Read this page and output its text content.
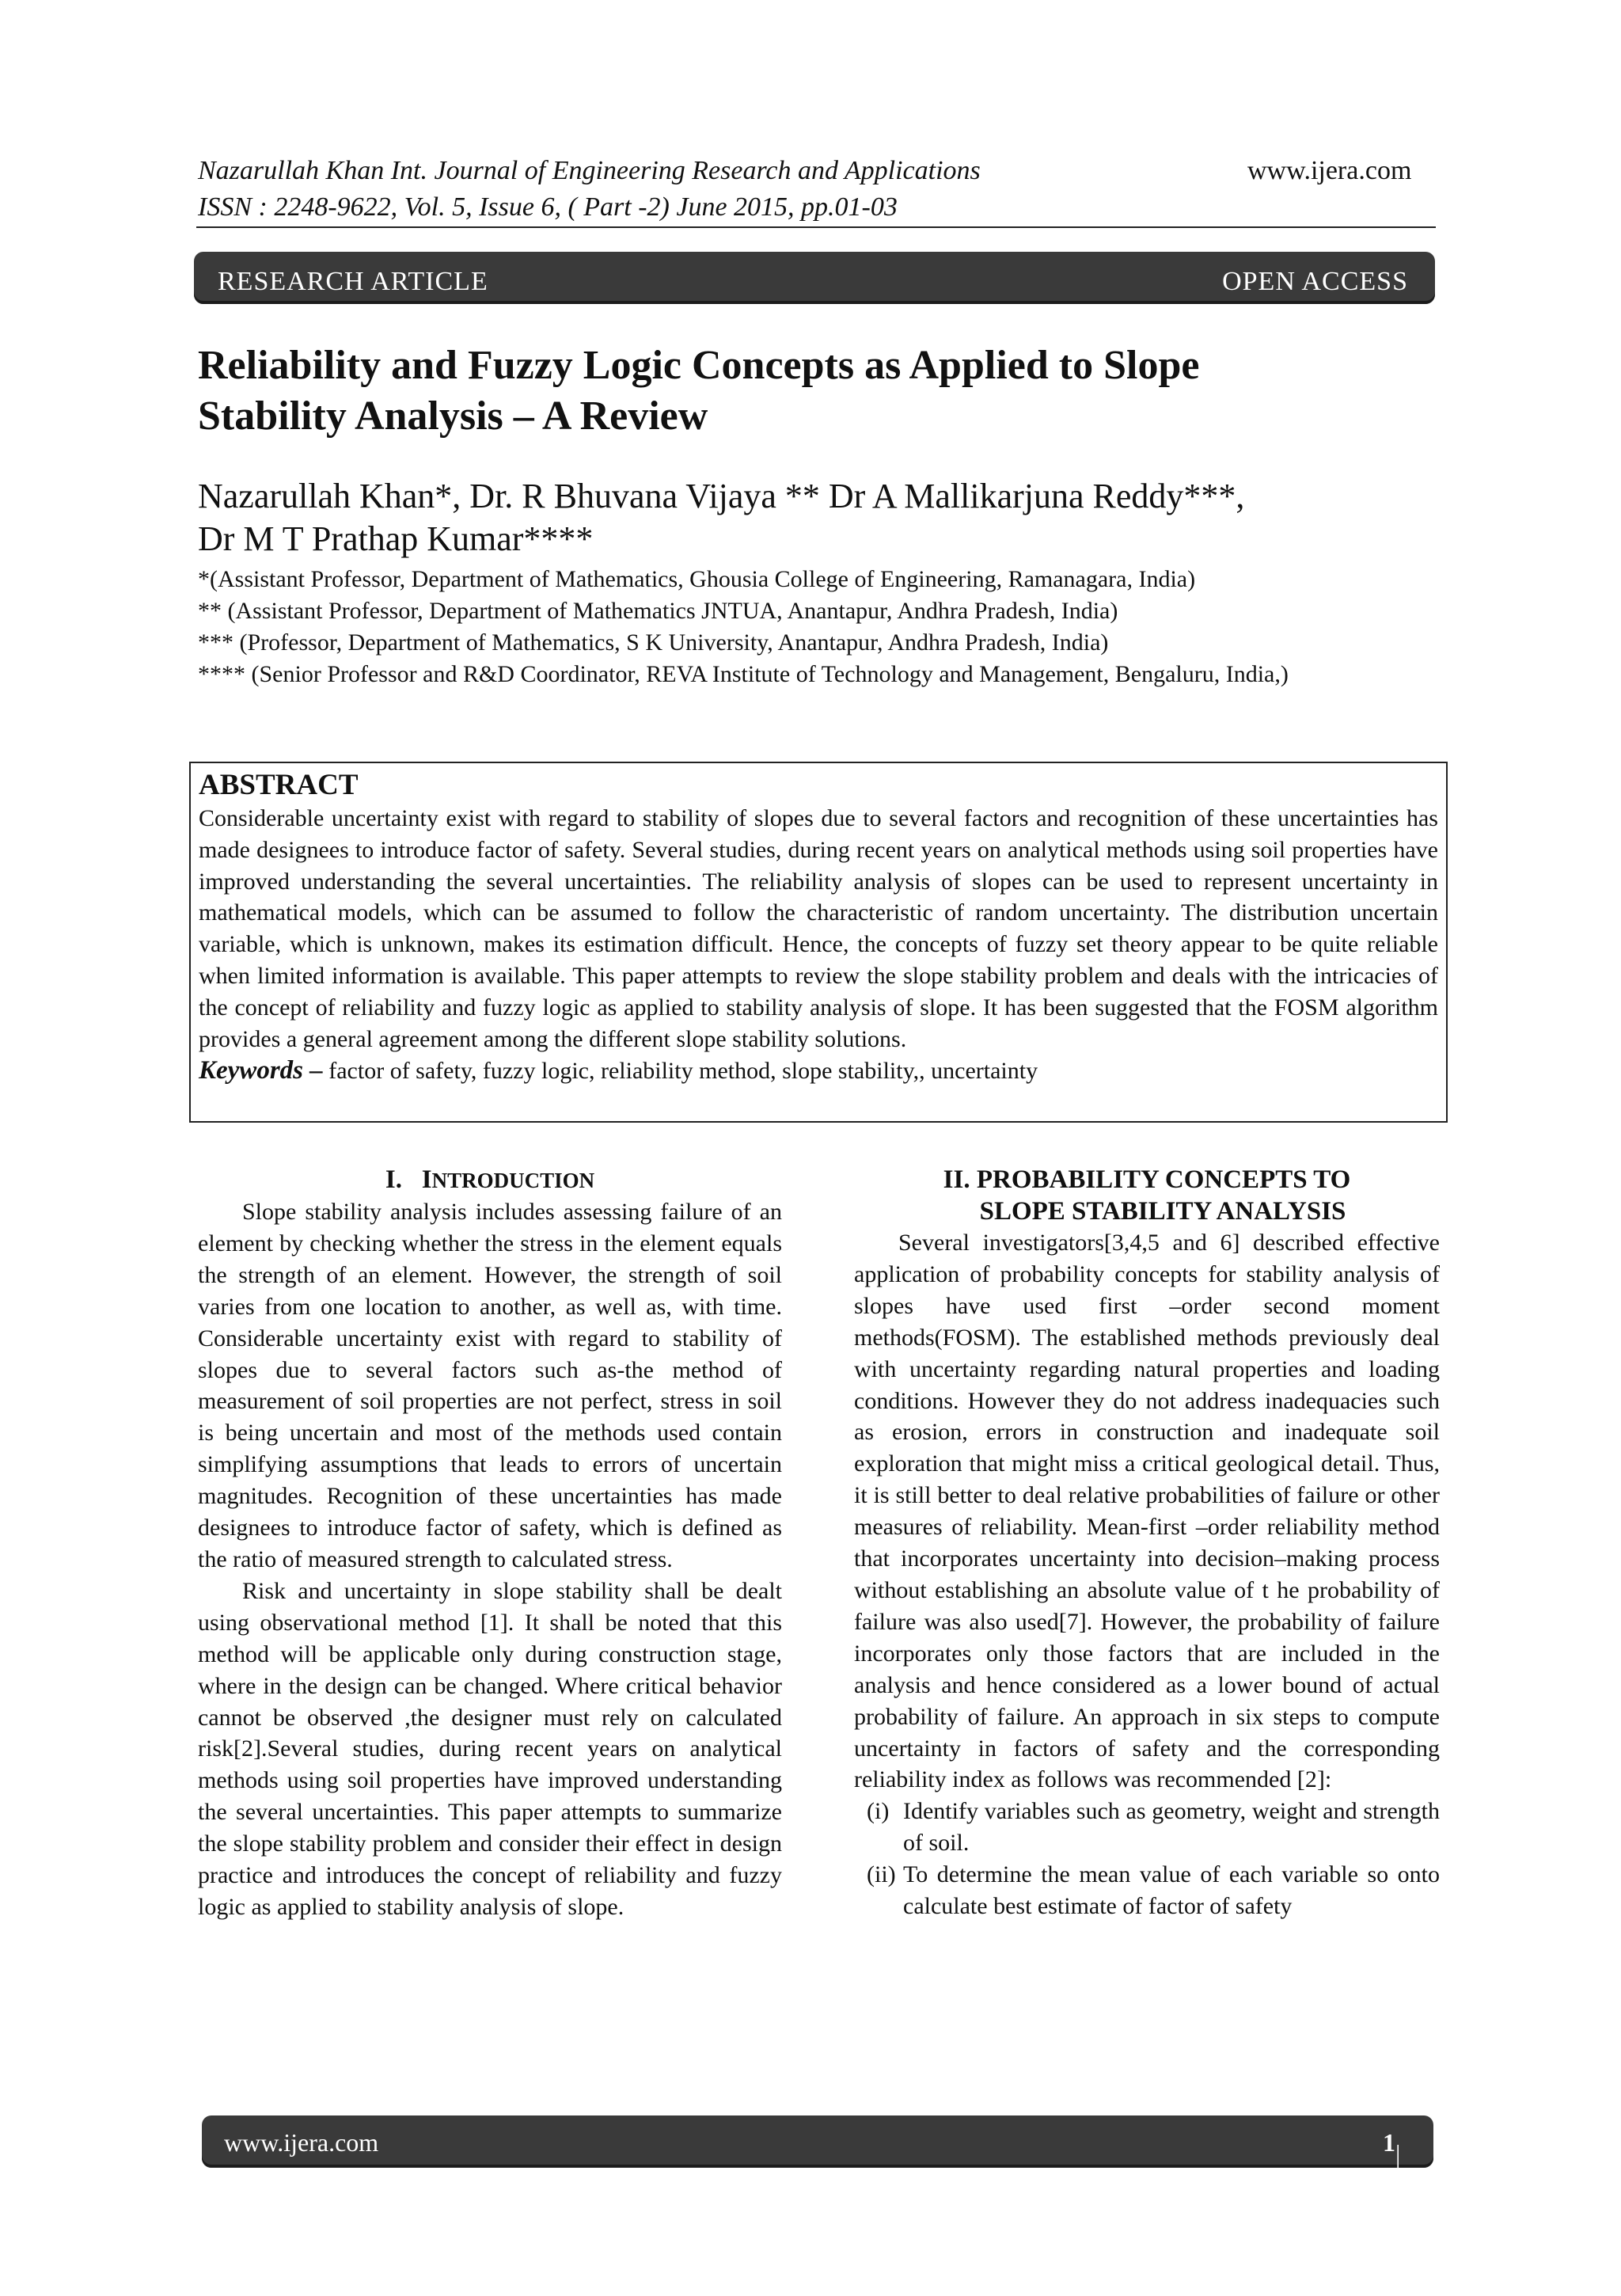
Nazarullah Khan Int. Journal of Engineering Research and Applications	www.ijera.com
ISSN : 2248-9622, Vol. 5, Issue 6, ( Part -2) June 2015, pp.01-03
RESEARCH ARTICLE	OPEN ACCESS
Reliability and Fuzzy Logic Concepts as Applied to Slope
Stability Analysis – A Review
Nazarullah Khan*, Dr. R Bhuvana Vijaya ** Dr A Mallikarjuna Reddy***,
Dr M T Prathap Kumar****
*(Assistant Professor, Department of Mathematics, Ghousia College of Engineering, Ramanagara, India)
** (Assistant Professor, Department of Mathematics JNTUA, Anantapur, Andhra Pradesh, India)
*** (Professor, Department of Mathematics, S K University, Anantapur, Andhra Pradesh, India)
**** (Senior Professor and R&D Coordinator, REVA Institute of Technology and Management, Bengaluru, India,)
ABSTRACT
Considerable uncertainty exist with regard to stability of slopes due to several factors and recognition of these uncertainties has made designees to introduce factor of safety. Several studies, during recent years on analytical methods using soil properties have improved understanding the several uncertainties. The reliability analysis of slopes can be used to represent uncertainty in mathematical models, which can be assumed to follow the characteristic of random uncertainty. The distribution uncertain variable, which is unknown, makes its estimation difficult. Hence, the concepts of fuzzy set theory appear to be quite reliable when limited information is available. This paper attempts to review the slope stability problem and deals with the intricacies of the concept of reliability and fuzzy logic as applied to stability analysis of slope. It has been suggested that the FOSM algorithm provides a general agreement among the different slope stability solutions.
Keywords – factor of safety, fuzzy logic, reliability method, slope stability,, uncertainty
I. INTRODUCTION
Slope stability analysis includes assessing failure of an element by checking whether the stress in the element equals the strength of an element. However, the strength of soil varies from one location to another, as well as, with time. Considerable uncertainty exist with regard to stability of slopes due to several factors such as-the method of measurement of soil properties are not perfect, stress in soil is being uncertain and most of the methods used contain simplifying assumptions that leads to errors of uncertain magnitudes. Recognition of these uncertainties has made designees to introduce factor of safety, which is defined as the ratio of measured strength to calculated stress.
Risk and uncertainty in slope stability shall be dealt using observational method [1]. It shall be noted that this method will be applicable only during construction stage, where in the design can be changed. Where critical behavior cannot be observed ,the designer must rely on calculated risk[2].Several studies, during recent years on analytical methods using soil properties have improved understanding the several uncertainties. This paper attempts to summarize the slope stability problem and consider their effect in design practice and introduces the concept of reliability and fuzzy logic as applied to stability analysis of slope.
II. PROBABILITY CONCEPTS TO
SLOPE STABILITY ANALYSIS
Several investigators[3,4,5 and 6] described effective application of probability concepts for stability analysis of slopes have used first –order second moment methods(FOSM). The established methods previously deal with uncertainty regarding natural properties and loading conditions. However they do not address inadequacies such as erosion, errors in construction and inadequate soil exploration that might miss a critical geological detail. Thus, it is still better to deal relative probabilities of failure or other measures of reliability. Mean-first –order reliability method that incorporates uncertainty into decision–making process without establishing an absolute value of t he probability of failure was also used[7]. However, the probability of failure incorporates only those factors that are included in the analysis and hence considered as a lower bound of actual probability of failure. An approach in six steps to compute uncertainty in factors of safety and the corresponding reliability index as follows was recommended [2]:
(i) Identify variables such as geometry, weight and strength of soil.
(ii) To determine the mean value of each variable so onto calculate best estimate of factor of safety
www.ijera.com	1 | P a g e
